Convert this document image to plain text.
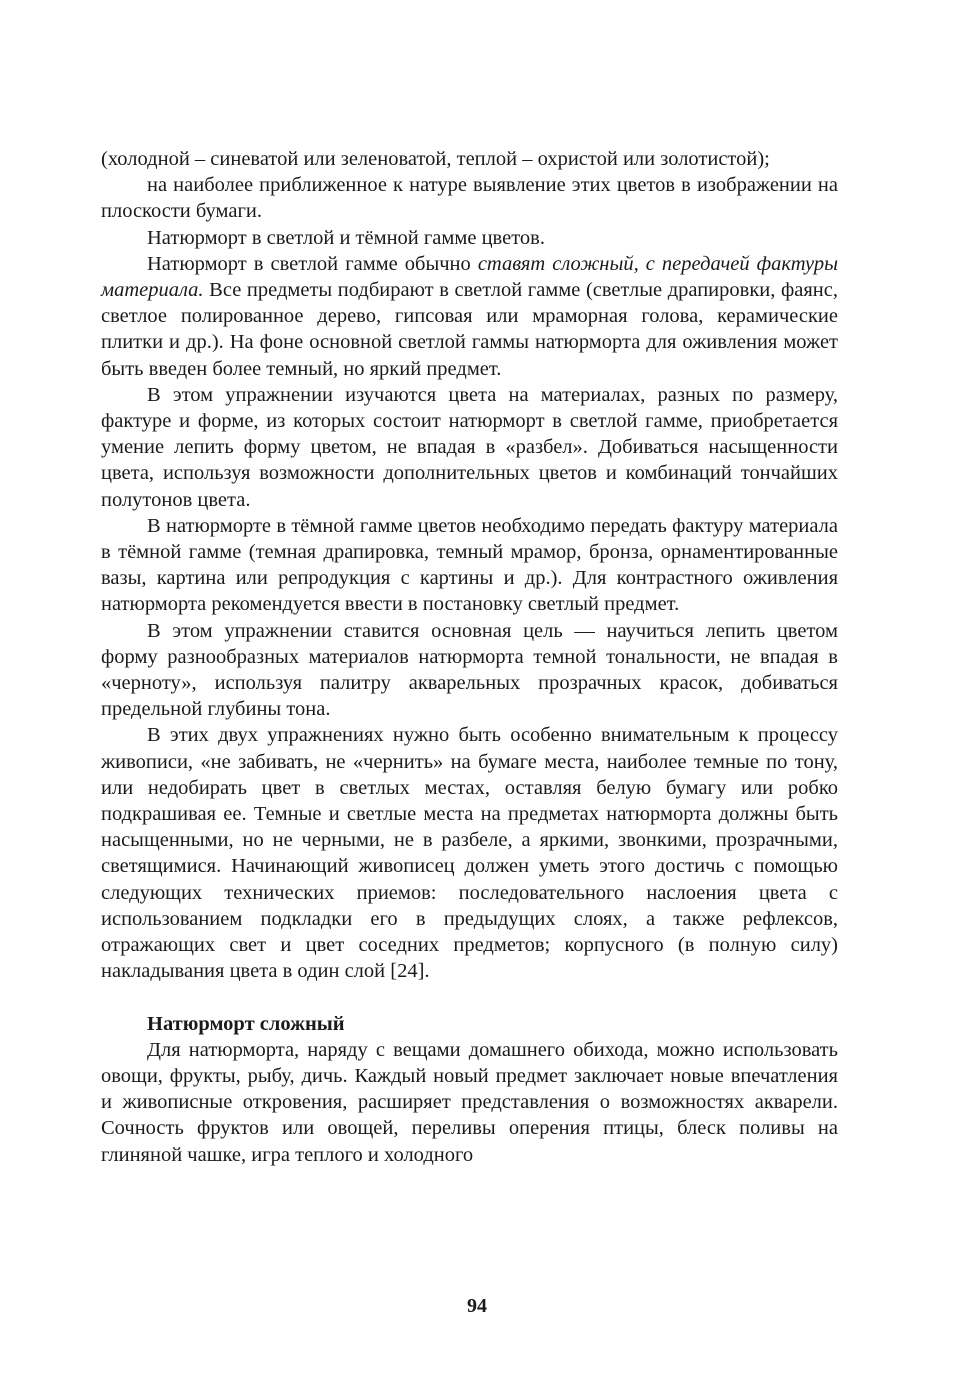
(холодной – синеватой или зеленоватой, теплой – охристой или золотистой);

на наиболее приближенное к натуре выявление этих цветов в изображении на плоскости бумаги.

Натюрморт в светлой и тёмной гамме цветов.

Натюрморт в светлой гамме обычно ставят сложный, с передачей фактуры материала. Все предметы подбирают в светлой гамме (светлые драпировки, фаянс, светлое полированное дерево, гипсовая или мраморная голова, керамические плитки и др.). На фоне основной светлой гаммы натюрморта для оживления может быть введен более темный, но яркий предмет.

В этом упражнении изучаются цвета на материалах, разных по размеру, фактуре и форме, из которых состоит натюрморт в светлой гамме, приобретается умение лепить форму цветом, не впадая в «разбел». Добиваться насыщенности цвета, используя возможности дополнительных цветов и комбинаций тончайших полутонов цвета.

В натюрморте в тёмной гамме цветов необходимо передать фактуру материала в тёмной гамме (темная драпировка, темный мрамор, бронза, орнаментированные вазы, картина или репродукция с картины и др.). Для контрастного оживления натюрморта рекомендуется ввести в постановку светлый предмет.

В этом упражнении ставится основная цель — научиться лепить цветом форму разнообразных материалов натюрморта темной тональности, не впадая в «черноту», используя палитру акварельных прозрачных красок, добиваться предельной глубины тона.

В этих двух упражнениях нужно быть особенно внимательным к процессу живописи, «не забивать, не «чернить» на бумаге места, наиболее темные по тону, или недобирать цвет в светлых местах, оставляя белую бумагу или робко подкрашивая ее. Темные и светлые места на предметах натюрморта должны быть насыщенными, но не черными, не в разбеле, а яркими, звонкими, прозрачными, светящимися. Начинающий живописец должен уметь этого достичь с помощью следующих технических приемов: последовательного наслоения цвета с использованием подкладки его в предыдущих слоях, а также рефлексов, отражающих свет и цвет соседних предметов; корпусного (в полную силу) накладывания цвета в один слой [24].

Натюрморт сложный

Для натюрморта, наряду с вещами домашнего обихода, можно использовать овощи, фрукты, рыбу, дичь. Каждый новый предмет заключает новые впечатления и живописные откровения, расширяет представления о возможностях акварели. Сочность фруктов или овощей, переливы оперения птицы, блеск поливы на глиняной чашке, игра теплого и холодного

94
